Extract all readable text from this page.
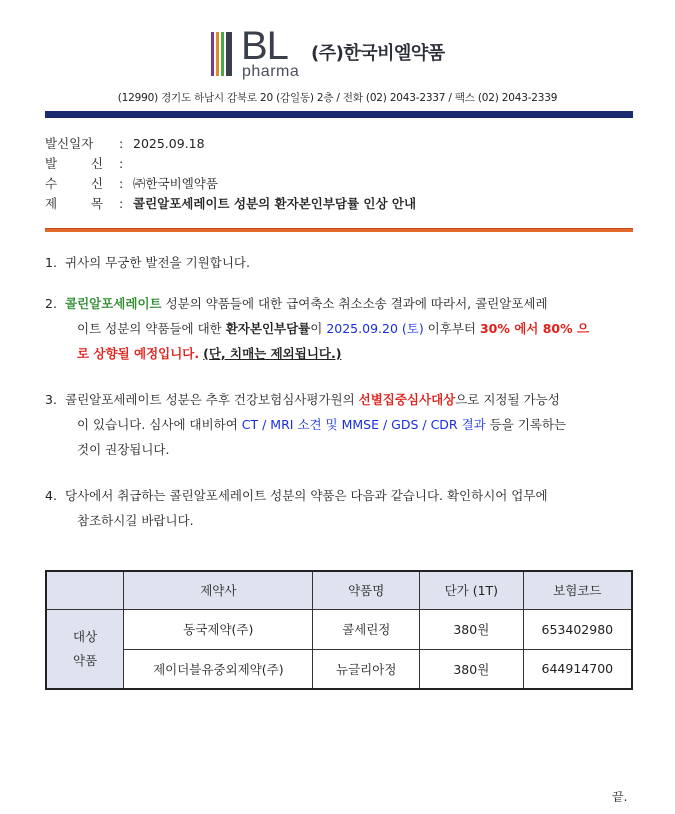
BL
pharma
(주)한국비엘약품
(12990) 경기도 하남시 감북로 20 (감일동) 2층 / 전화 (02) 2043-2337 / 팩스 (02) 2043-2339
발신일자	: 2025.09.18
발	신 :
수	신 : ㈜한국비엘약품
제	목 : 콜린알포세레이트 성분의 환자본인부담률 인상 안내
1. 귀사의 무궁한 발전을 기원합니다.
2. 콜린알포세레이트 성분의 약품들에 대한 급여축소 취소소송 결과에 따라서, 콜린알포세레
이트 성분의 약품들에 대한 환자본인부담률이 2025.09.20 (토) 이후부터 30% 에서 80% 으
로 상향될 예정입니다. (단, 치매는 제외됩니다.)
3. 콜린알포세레이트 성분은 추후 건강보험심사평가원의 선별집중심사대상으로 지정될 가능성
이 있습니다. 심사에 대비하여 CT / MRI 소견 및 MMSE / GDS / CDR 결과 등을 기록하는
것이 권장됩니다.
4. 당사에서 취급하는 콜린알포세레이트 성분의 약품은 다음과 같습니다. 확인하시어 업무에
참조하시길 바랍니다.
	제약사	약품명	단가 (1T)	보험코드

대상
약품	동국제약(주)	콜세린정	380원	653402980
	제이더블유중외제약(주)	뉴글리아정	380원	644914700
끝.
